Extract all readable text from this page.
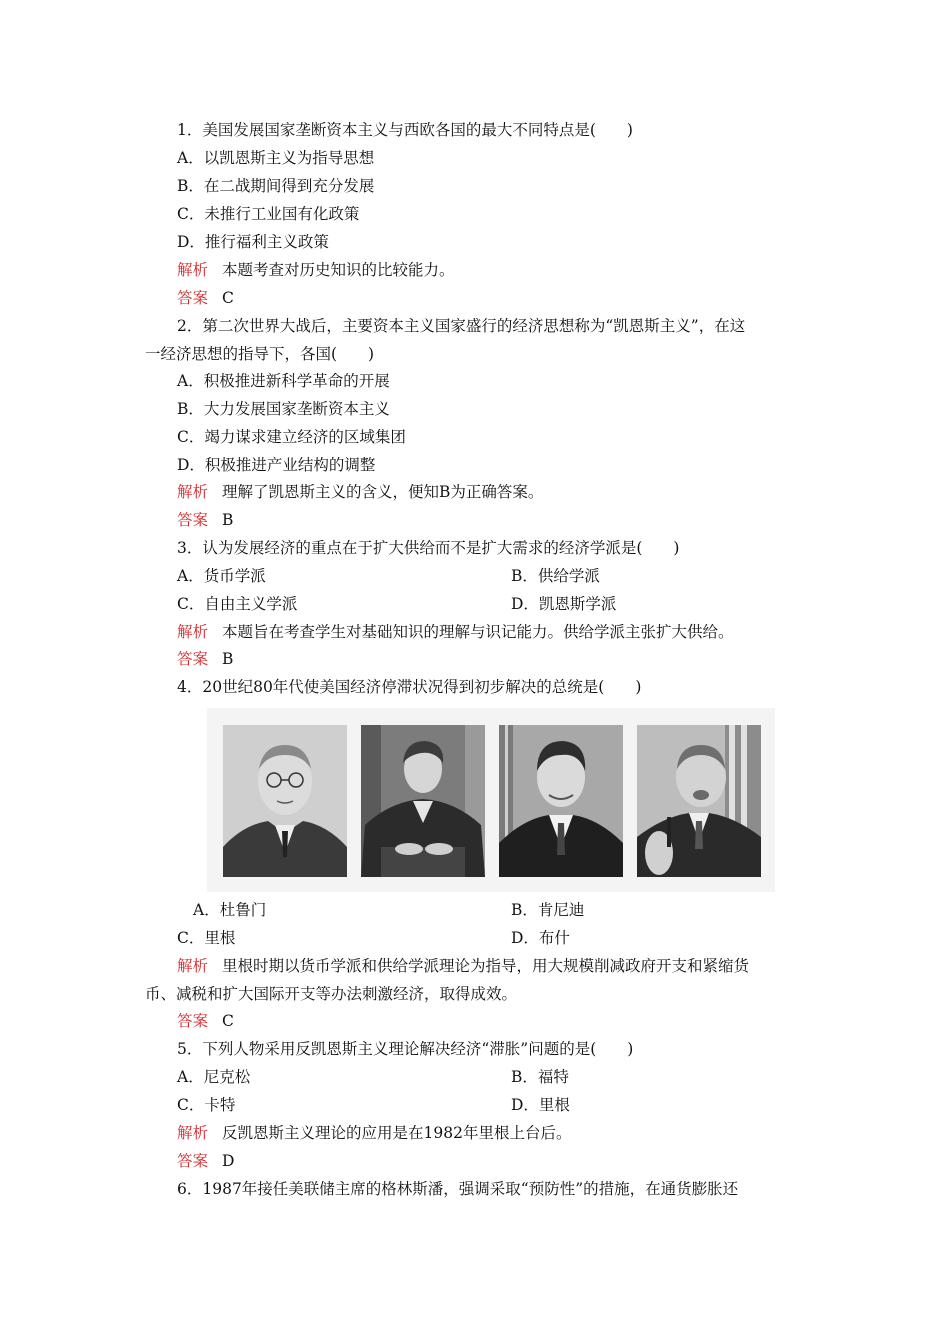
1．美国发展国家垄断资本主义与西欧各国的最大不同特点是(　　)
A．以凯恩斯主义为指导思想
B．在二战期间得到充分发展
C．未推行工业国有化政策
D．推行福利主义政策
解析 本题考查对历史知识的比较能力。
答案 C
2．第二次世界大战后，主要资本主义国家盛行的经济思想称为“凯恩斯主义”，在这
一经济思想的指导下，各国(　　)
A．积极推进新科学革命的开展
B．大力发展国家垄断资本主义
C．竭力谋求建立经济的区域集团
D．积极推进产业结构的调整
解析 理解了凯恩斯主义的含义，便知B为正确答案。
答案 B
3．认为发展经济的重点在于扩大供给而不是扩大需求的经济学派是(　　)
A．货币学派	B．供给学派
C．自由主义学派	D．凯恩斯学派
解析 本题旨在考查学生对基础知识的理解与识记能力。供给学派主张扩大供给。
答案 B
4．20世纪80年代使美国经济停滞状况得到初步解决的总统是(　　)
A．杜鲁门	B．肯尼迪
C．里根	D．布什
解析 里根时期以货币学派和供给学派理论为指导，用大规模削减政府开支和紧缩货
币、减税和扩大国际开支等办法刺激经济，取得成效。
答案 C
5．下列人物采用反凯恩斯主义理论解决经济“滞胀”问题的是(　　)
A．尼克松	B．福特
C．卡特	D．里根
解析 反凯恩斯主义理论的应用是在1982年里根上台后。
答案 D
6．1987年接任美联储主席的格林斯潘，强调采取“预防性”的措施，在通货膨胀还
